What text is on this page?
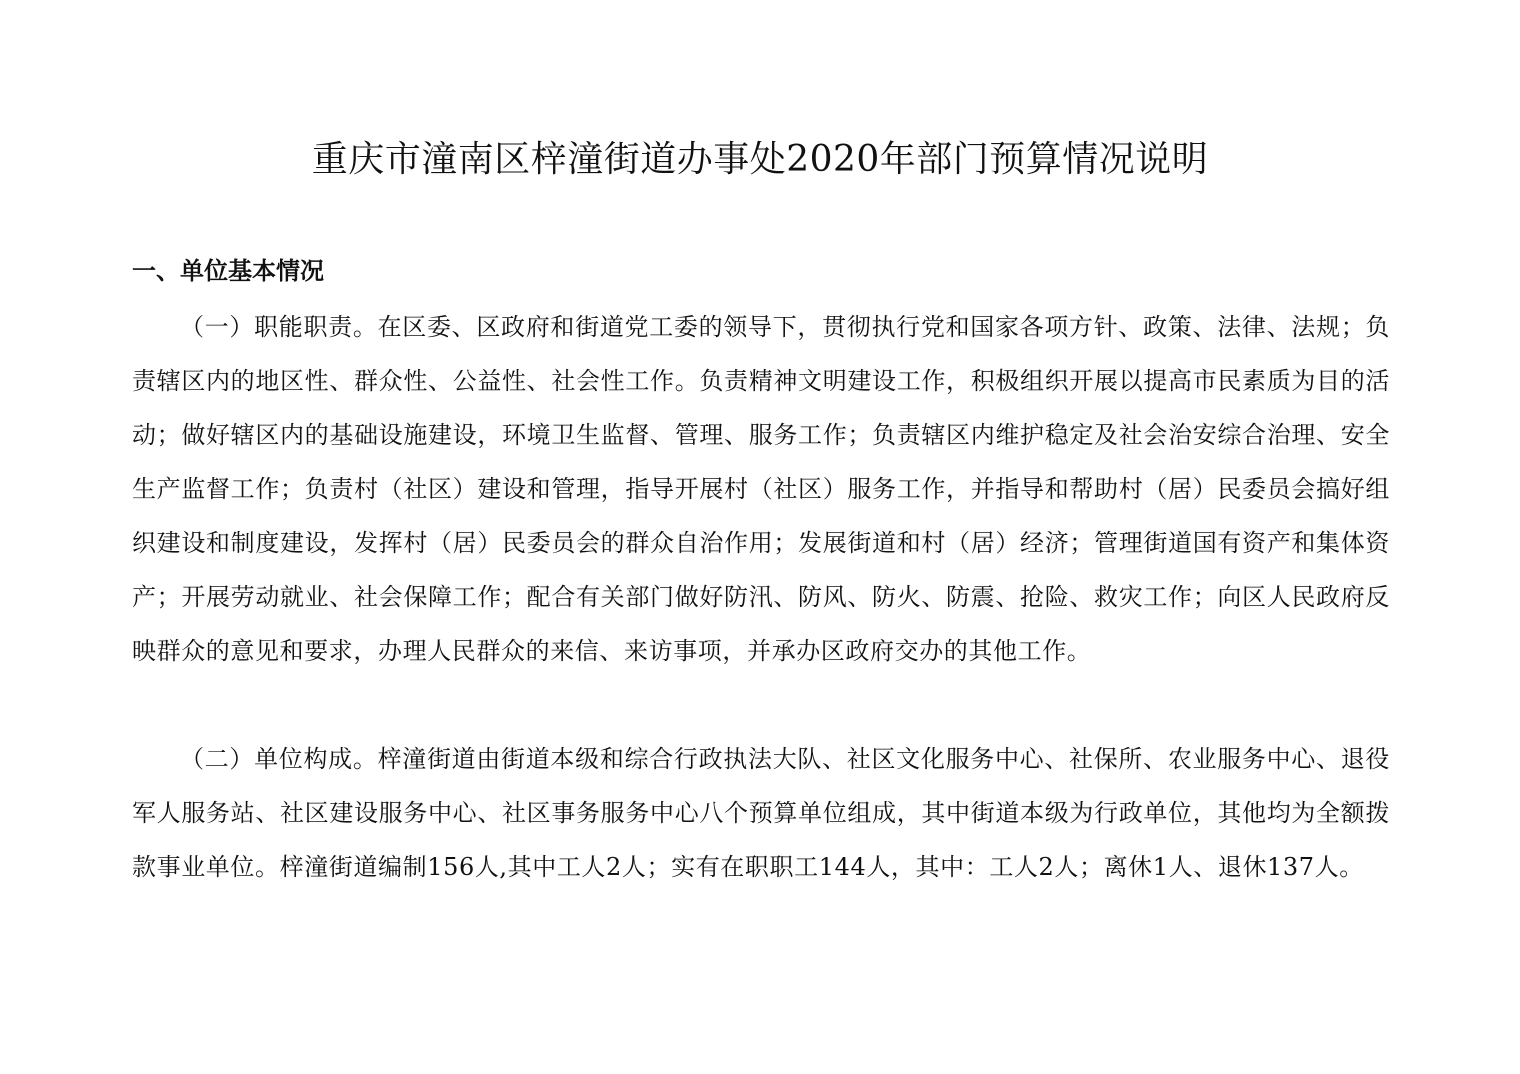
重庆市潼南区梓潼街道办事处2020年部门预算情况说明
一、单位基本情况

（一）职能职责。在区委、区政府和街道党工委的领导下，贯彻执行党和国家各项方针、政策、法律、法规；负责辖区内的地区性、群众性、公益性、社会性工作。负责精神文明建设工作，积极组织开展以提高市民素质为目的活动；做好辖区内的基础设施建设，环境卫生监督、管理、服务工作；负责辖区内维护稳定及社会治安综合治理、安全生产监督工作；负责村（社区）建设和管理，指导开展村（社区）服务工作，并指导和帮助村（居）民委员会搞好组织建设和制度建设，发挥村（居）民委员会的群众自治作用；发展街道和村（居）经济；管理街道国有资产和集体资产；开展劳动就业、社会保障工作；配合有关部门做好防汛、防风、防火、防震、抢险、救灾工作；向区人民政府反映群众的意见和要求，办理人民群众的来信、来访事项，并承办区政府交办的其他工作。

（二）单位构成。梓潼街道由街道本级和综合行政执法大队、社区文化服务中心、社保所、农业服务中心、退役军人服务站、社区建设服务中心、社区事务服务中心八个预算单位组成，其中街道本级为行政单位，其他均为全额拨款事业单位。梓潼街道编制156人,其中工人2人；实有在职职工144人，其中：工人2人；离休1人、退休137人。
